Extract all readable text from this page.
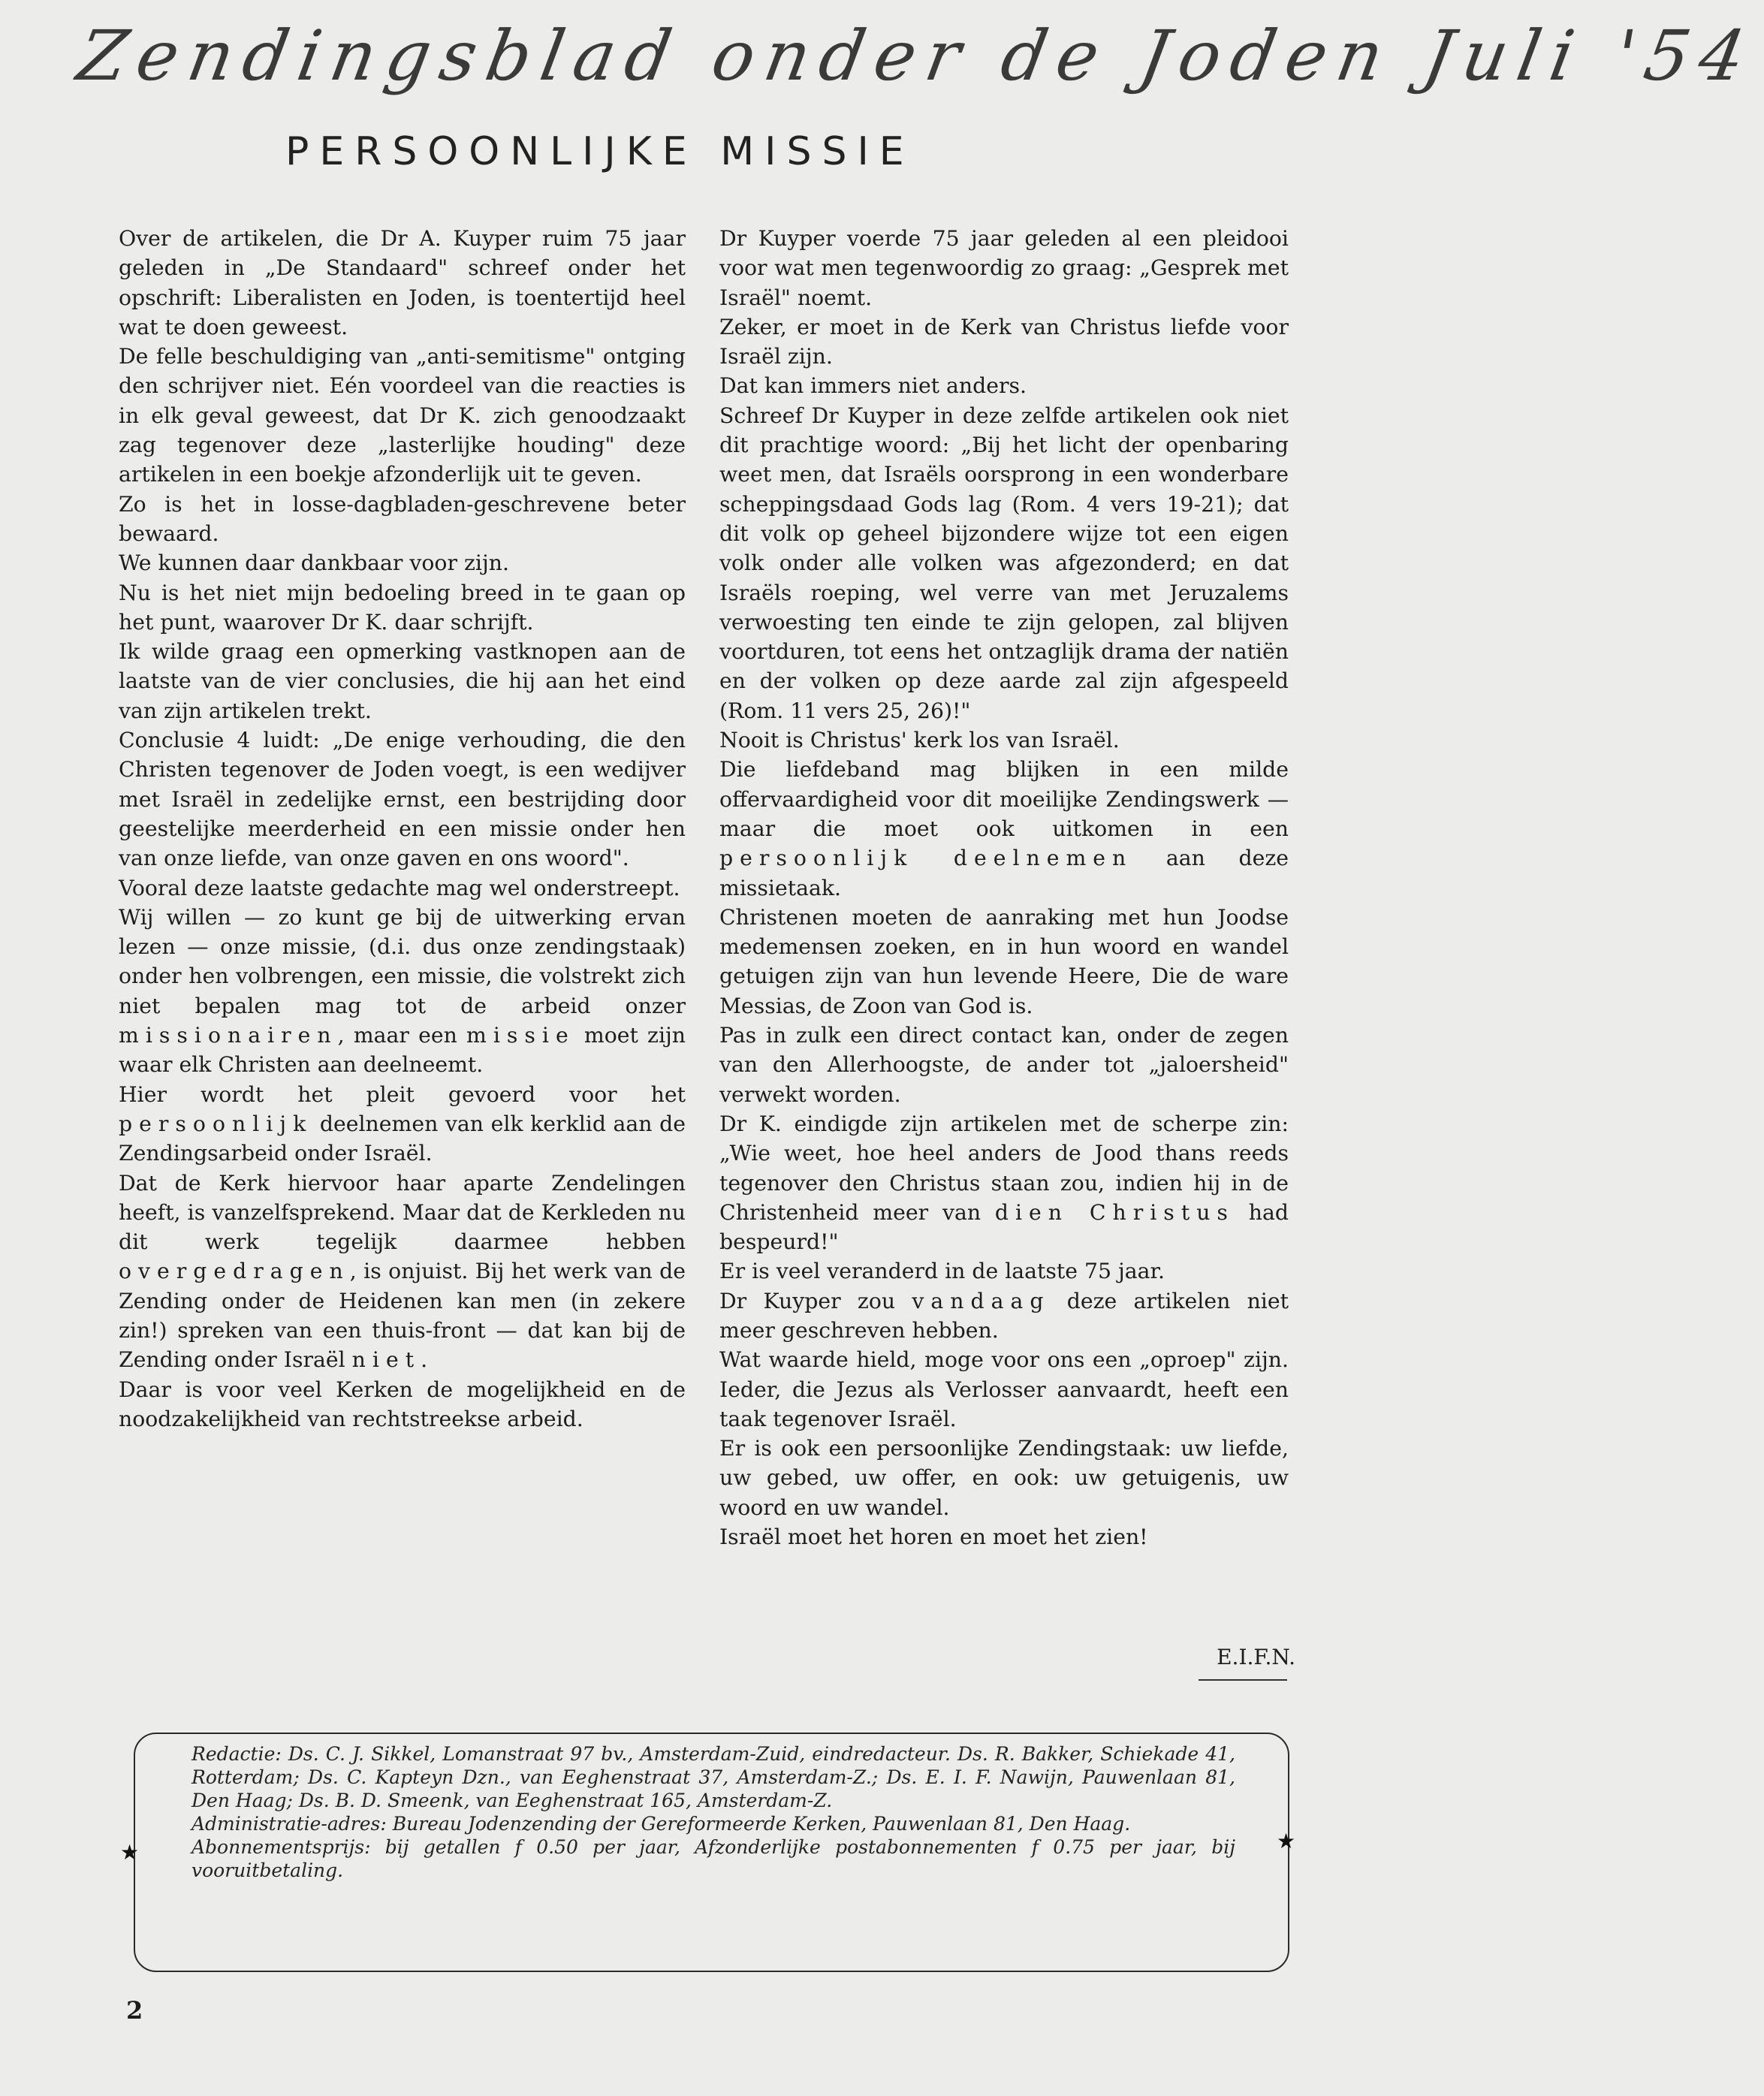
Zendingsblad onder de Joden Juli '54
PERSOONLIJKE MISSIE

Over de artikelen, die Dr A. Kuyper ruim 75 jaar geleden in „De Standaard" schreef onder het opschrift: Liberalisten en Joden, is toentertijd heel wat te doen geweest.

De felle beschuldiging van „anti-semitisme" ontging den schrijver niet. Eén voordeel van die reacties is in elk geval geweest, dat Dr K. zich genoodzaakt zag tegenover deze „lasterlijke houding" deze artikelen in een boekje afzonderlijk uit te geven.

Zo is het in losse-dagbladen-geschrevene beter bewaard.

We kunnen daar dankbaar voor zijn.

Nu is het niet mijn bedoeling breed in te gaan op het punt, waarover Dr K. daar schrijft.

Ik wilde graag een opmerking vastknopen aan de laatste van de vier conclusies, die hij aan het eind van zijn artikelen trekt.

Conclusie 4 luidt: „De enige verhouding, die den Christen tegenover de Joden voegt, is een wedijver met Israël in zedelijke ernst, een bestrijding door geestelijke meerderheid en een missie onder hen van onze liefde, van onze gaven en ons woord".

Vooral deze laatste gedachte mag wel onderstreept.

Wij willen — zo kunt ge bij de uitwerking ervan lezen — onze missie, (d.i. dus onze zendingstaak) onder hen volbrengen, een missie, die volstrekt zich niet bepalen mag tot de arbeid onzer missionairen, maar een missie moet zijn waar elk Christen aan deelneemt.

Hier wordt het pleit gevoerd voor het persoonlijk deelnemen van elk kerklid aan de Zendingsarbeid onder Israël.

Dat de Kerk hiervoor haar aparte Zendelingen heeft, is vanzelfsprekend. Maar dat de Kerkleden nu dit werk tegelijk daarmee hebben overgedragen, is onjuist. Bij het werk van de Zending onder de Heidenen kan men (in zekere zin!) spreken van een thuis-front — dat kan bij de Zending onder Israël niet.

Daar is voor veel Kerken de mogelijkheid en de noodzakelijkheid van rechtstreekse arbeid.

Dr Kuyper voerde 75 jaar geleden al een pleidooi voor wat men tegenwoordig zo graag: „Gesprek met Israël" noemt.

Zeker, er moet in de Kerk van Christus liefde voor Israël zijn.

Dat kan immers niet anders.

Schreef Dr Kuyper in deze zelfde artikelen ook niet dit prachtige woord: „Bij het licht der openbaring weet men, dat Israëls oorsprong in een wonderbare scheppingsdaad Gods lag (Rom. 4 vers 19-21); dat dit volk op geheel bijzondere wijze tot een eigen volk onder alle volken was afgezonderd; en dat Israëls roeping, wel verre van met Jeruzalems verwoesting ten einde te zijn gelopen, zal blijven voortduren, tot eens het ontzaglijk drama der natiën en der volken op deze aarde zal zijn afgespeeld (Rom. 11 vers 25, 26)!"

Nooit is Christus' kerk los van Israël.

Die liefdeband mag blijken in een milde offervaardigheid voor dit moeilijke Zendingswerk — maar die moet ook uitkomen in een persoonlijk deelnemen aan deze missietaak.

Christenen moeten de aanraking met hun Joodse medemensen zoeken, en in hun woord en wandel getuigen zijn van hun levende Heere, Die de ware Messias, de Zoon van God is.

Pas in zulk een direct contact kan, onder de zegen van den Allerhoogste, de ander tot „jaloersheid" verwekt worden.

Dr K. eindigde zijn artikelen met de scherpe zin: „Wie weet, hoe heel anders de Jood thans reeds tegenover den Christus staan zou, indien hij in de Christenheid meer van dien Christus had bespeurd!"

Er is veel veranderd in de laatste 75 jaar.

Dr Kuyper zou vandaag deze artikelen niet meer geschreven hebben.

Wat waarde hield, moge voor ons een „oproep" zijn. Ieder, die Jezus als Verlosser aanvaardt, heeft een taak tegenover Israël.

Er is ook een persoonlijke Zendingstaak: uw liefde, uw gebed, uw offer, en ook: uw getuigenis, uw woord en uw wandel.

Israël moet het horen en moet het zien!

E.I.F.N.
★	★

Redactie: Ds. C. J. Sikkel, Lomanstraat 97 bv., Amsterdam-Zuid, eindredacteur. Ds. R. Bakker, Schiekade 41, Rotterdam; Ds. C. Kapteyn Dzn., van Eeghenstraat 37, Amsterdam-Z.; Ds. E. I. F. Nawijn, Pauwenlaan 81, Den Haag; Ds. B. D. Smeenk, van Eeghenstraat 165, Amsterdam-Z.

Administratie-adres: Bureau Jodenzending der Gereformeerde Kerken, Pauwenlaan 81, Den Haag.

Abonnementsprijs: bij getallen f 0.50 per jaar, Afzonderlijke postabonnementen f 0.75 per jaar, bij vooruitbetaling.

2
